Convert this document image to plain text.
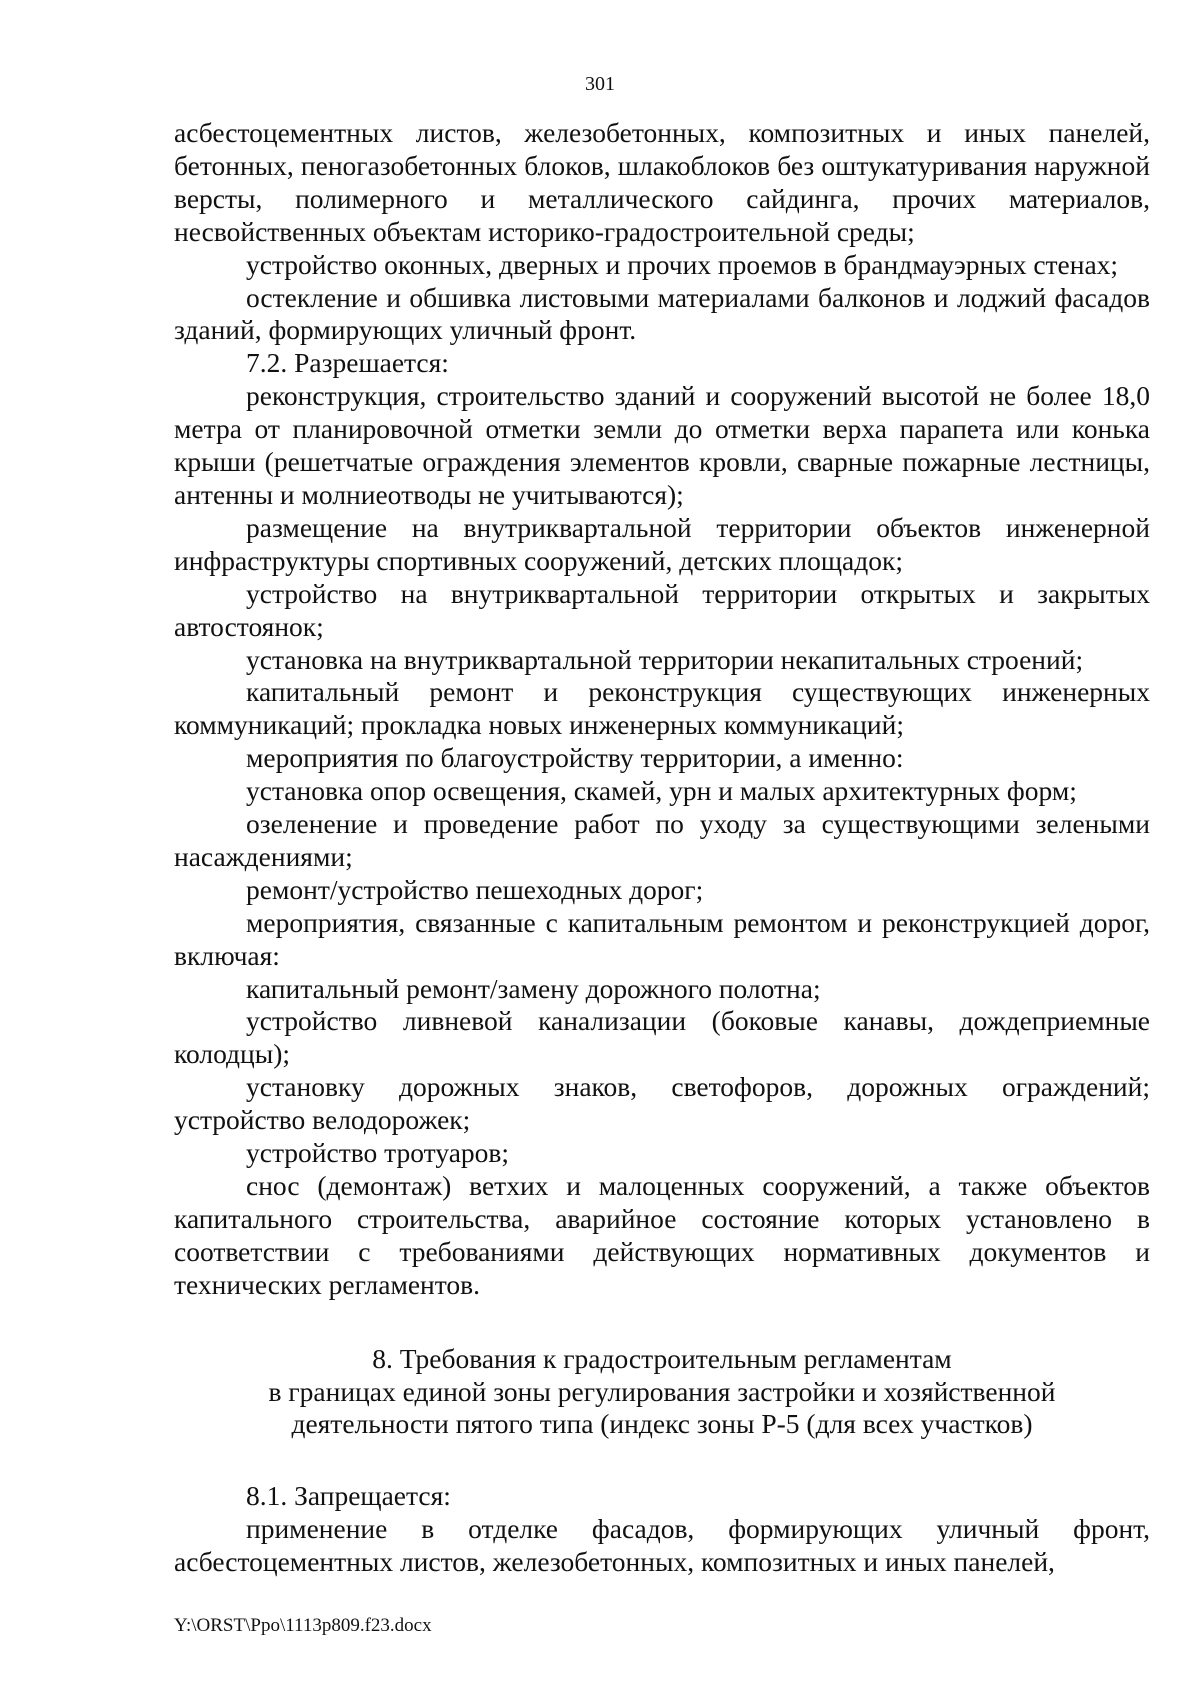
301

асбестоцементных листов, железобетонных, композитных и иных панелей, бетонных, пеногазобетонных блоков, шлакоблоков без оштукатуривания наружной версты, полимерного и металлического сайдинга, прочих материалов, несвойственных объектам историко-градостроительной среды;

устройство оконных, дверных и прочих проемов в брандмауэрных стенах;

остекление и обшивка листовыми материалами балконов и лоджий фасадов зданий, формирующих уличный фронт.

7.2. Разрешается:

реконструкция, строительство зданий и сооружений высотой не более 18,0 метра от планировочной отметки земли до отметки верха парапета или конька крыши (решетчатые ограждения элементов кровли, сварные пожарные лестницы, антенны и молниеотводы не учитываются);

размещение на внутриквартальной территории объектов инженерной инфраструктуры спортивных сооружений, детских площадок;

устройство на внутриквартальной территории открытых и закрытых автостоянок;

установка на внутриквартальной территории некапитальных строений;

капитальный ремонт и реконструкция существующих инженерных коммуникаций; прокладка новых инженерных коммуникаций;

мероприятия по благоустройству территории, а именно:

установка опор освещения, скамей, урн и малых архитектурных форм;

озеленение и проведение работ по уходу за существующими зелеными насаждениями;

ремонт/устройство пешеходных дорог;

мероприятия, связанные с капитальным ремонтом и реконструкцией дорог, включая:

капитальный ремонт/замену дорожного полотна;

устройство ливневой канализации (боковые канавы, дождеприемные колодцы);

установку дорожных знаков, светофоров, дорожных ограждений; устройство велодорожек;

устройство тротуаров;

снос (демонтаж) ветхих и малоценных сооружений, а также объектов капитального строительства, аварийное состояние которых установлено в соответствии с требованиями действующих нормативных документов и технических регламентов.

8. Требования к градостроительным регламентам
в границах единой зоны регулирования застройки и хозяйственной
деятельности пятого типа (индекс зоны Р-5 (для всех участков)

8.1. Запрещается:

применение в отделке фасадов, формирующих уличный фронт, асбестоцементных листов, железобетонных, композитных и иных панелей,

Y:\ORST\Ppo\1113p809.f23.docx
